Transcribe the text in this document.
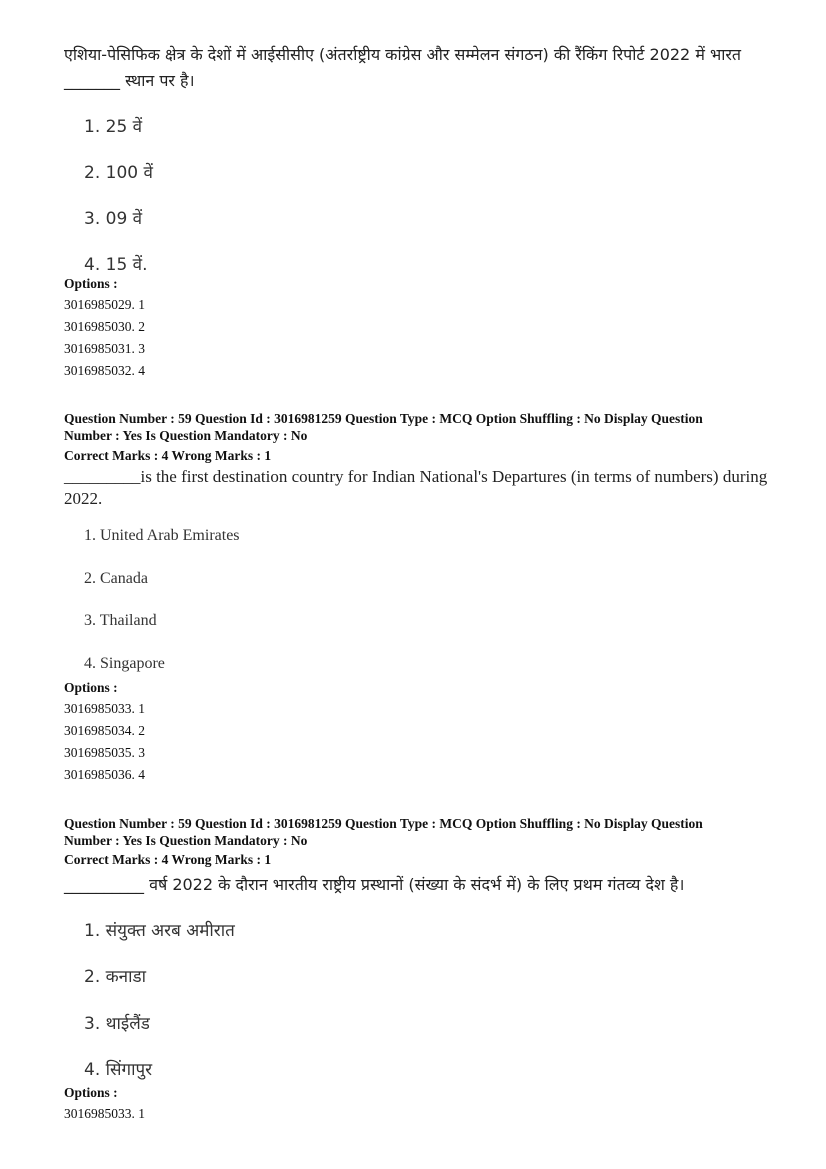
एशिया-पेसिफिक क्षेत्र के देशों में आईसीसीए (अंतर्राष्ट्रीय कांग्रेस और सम्मेलन संगठन) की रैंकिंग रिपोर्ट 2022 में भारत _______ स्थान पर है।
1. 25 वें
2. 100 वें
3. 09 वें
4. 15 वें.
Options :
3016985029. 1
3016985030. 2
3016985031. 3
3016985032. 4
Question Number : 59 Question Id : 3016981259 Question Type : MCQ Option Shuffling : No Display Question
Number : Yes Is Question Mandatory : No
Correct Marks : 4 Wrong Marks : 1
_________is the first destination country for Indian National's Departures (in terms of numbers) during 2022.
1. United Arab Emirates
2. Canada
3. Thailand
4. Singapore
Options :
3016985033. 1
3016985034. 2
3016985035. 3
3016985036. 4
Question Number : 59 Question Id : 3016981259 Question Type : MCQ Option Shuffling : No Display Question
Number : Yes Is Question Mandatory : No
Correct Marks : 4 Wrong Marks : 1
__________ वर्ष 2022 के दौरान भारतीय राष्ट्रीय प्रस्थानों (संख्या के संदर्भ में) के लिए प्रथम गंतव्य देश है।
1. संयुक्त अरब अमीरात
2. कनाडा
3. थाईलैंड
4. सिंगापुर
Options :
3016985033. 1
